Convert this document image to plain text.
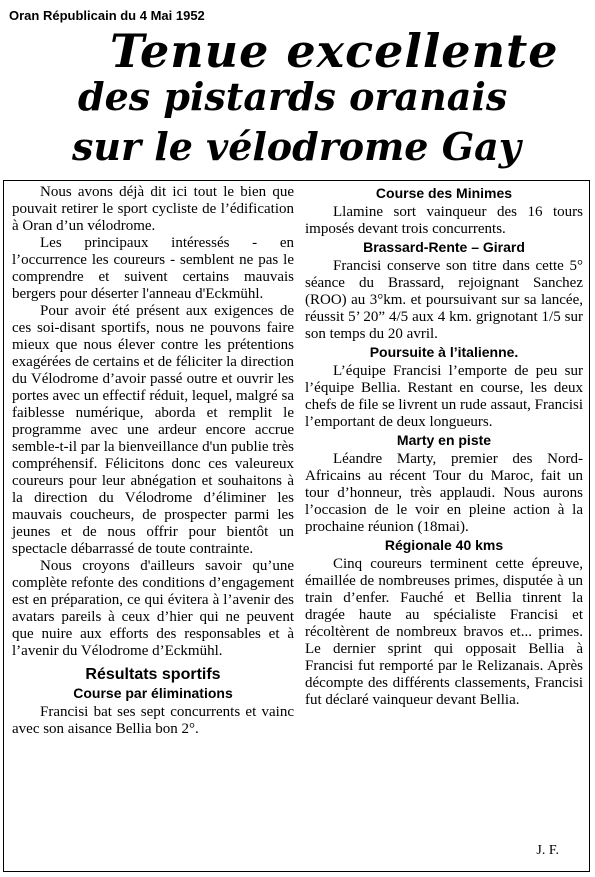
Oran Républicain du 4 Mai 1952
Tenue excellente
des pistards oranais
sur le vélodrome Gay

Nous avons déjà dit ici tout le bien que pouvait retirer le sport cycliste de l’édification à Oran d’un vélodrome.

Les principaux intéressés - en l’occurrence les coureurs - semblent ne pas le comprendre et suivent certains mauvais bergers pour déserter l'anneau d'Eckmühl.

Pour avoir été présent aux exigences de ces soi-disant sportifs, nous ne pouvons faire mieux que nous élever contre les prétentions exagérées de certains et de féliciter la direction du Vélodrome d’avoir passé outre et ouvrir les portes avec un effectif réduit, lequel, malgré sa faiblesse numérique, aborda et remplit le programme avec une ardeur encore accrue semble-t-il par la bienveillance d'un publie très compréhensif. Félicitons donc ces valeureux coureurs pour leur abnégation et souhaitons à la direction du Vélodrome d’éliminer les mauvais coucheurs, de prospecter parmi les jeunes et de nous offrir pour bientôt un spectacle débarrassé de toute contrainte.

Nous croyons d'ailleurs savoir qu’une complète refonte des conditions d’engagement est en préparation, ce qui évitera à l’avenir des avatars pareils à ceux d’hier qui ne peuvent que nuire aux efforts des responsables et à l’avenir du Vélodrome d’Eckmühl.

Résultats sportifs
Course par éliminations

Francisi bat ses sept concurrents et vainc avec son aisance Bellia bon 2°.

Course des Minimes

Llamine sort vainqueur des 16 tours imposés devant trois concurrents.

Brassard-Rente – Girard

Francisi conserve son titre dans cette 5° séance du Brassard, rejoignant Sanchez (ROO) au 3°km. et poursuivant sur sa lancée, réussit 5’ 20” 4/5 aux 4 km. grignotant 1/5 sur son temps du 20 avril.

Poursuite à l’italienne.

L’équipe Francisi l’emporte de peu sur l’équipe Bellia. Restant en course, les deux chefs de file se livrent un rude assaut, Francisi l’emportant de deux longueurs.

Marty en piste

Léandre Marty, premier des Nord-Africains au récent Tour du Maroc, fait un tour d’honneur, très applaudi. Nous aurons l’occasion de le voir en pleine action à la prochaine réunion (18mai).

Régionale 40 kms

Cinq coureurs terminent cette épreuve, émaillée de nombreuses primes, disputée à un train d’enfer. Fauché et Bellia tinrent la dragée haute au spécialiste Francisi et récoltèrent de nombreux bravos et... primes. Le dernier sprint qui opposait Bellia à Francisi fut remporté par le Relizanais. Après décompte des différents classements, Francisi fut déclaré vainqueur devant Bellia.

J. F.
